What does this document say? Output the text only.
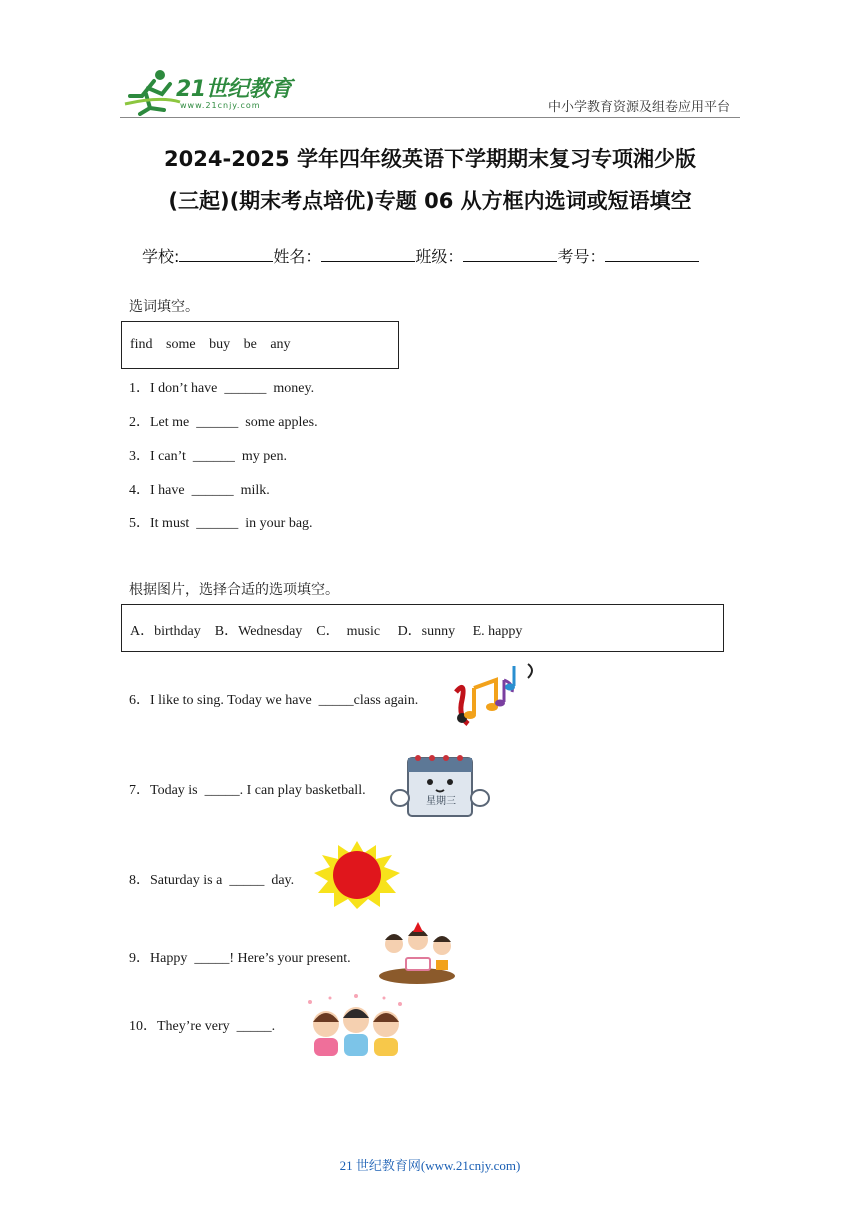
21世纪教育
www.21cnjy.com	中小学教育资源及组卷应用平台
2024-2025 学年四年级英语下学期期末复习专项湘少版
(三起)(期末考点培优)专题 06 从方框内选词或短语填空
学校:	姓名：	班级：	考号：
选词填空。
find some buy be any
1．I don’t have  ______  money.
2．Let me  ______  some apples.
3．I can’t  ______  my pen.
4．I have  ______  milk.
5．It must  ______  in your bag.
根据图片，选择合适的选项填空。
A．birthday    B．Wednesday    C．  music     D．sunny     E. happy
6．I like to sing. Today we have  _____class again.
7．Today is  _____. I can play basketball.
星期三
8．Saturday is a  _____  day.
9．Happy  _____! Here’s your present.
10．They’re very  _____.
21 世纪教育网(www.21cnjy.com)
